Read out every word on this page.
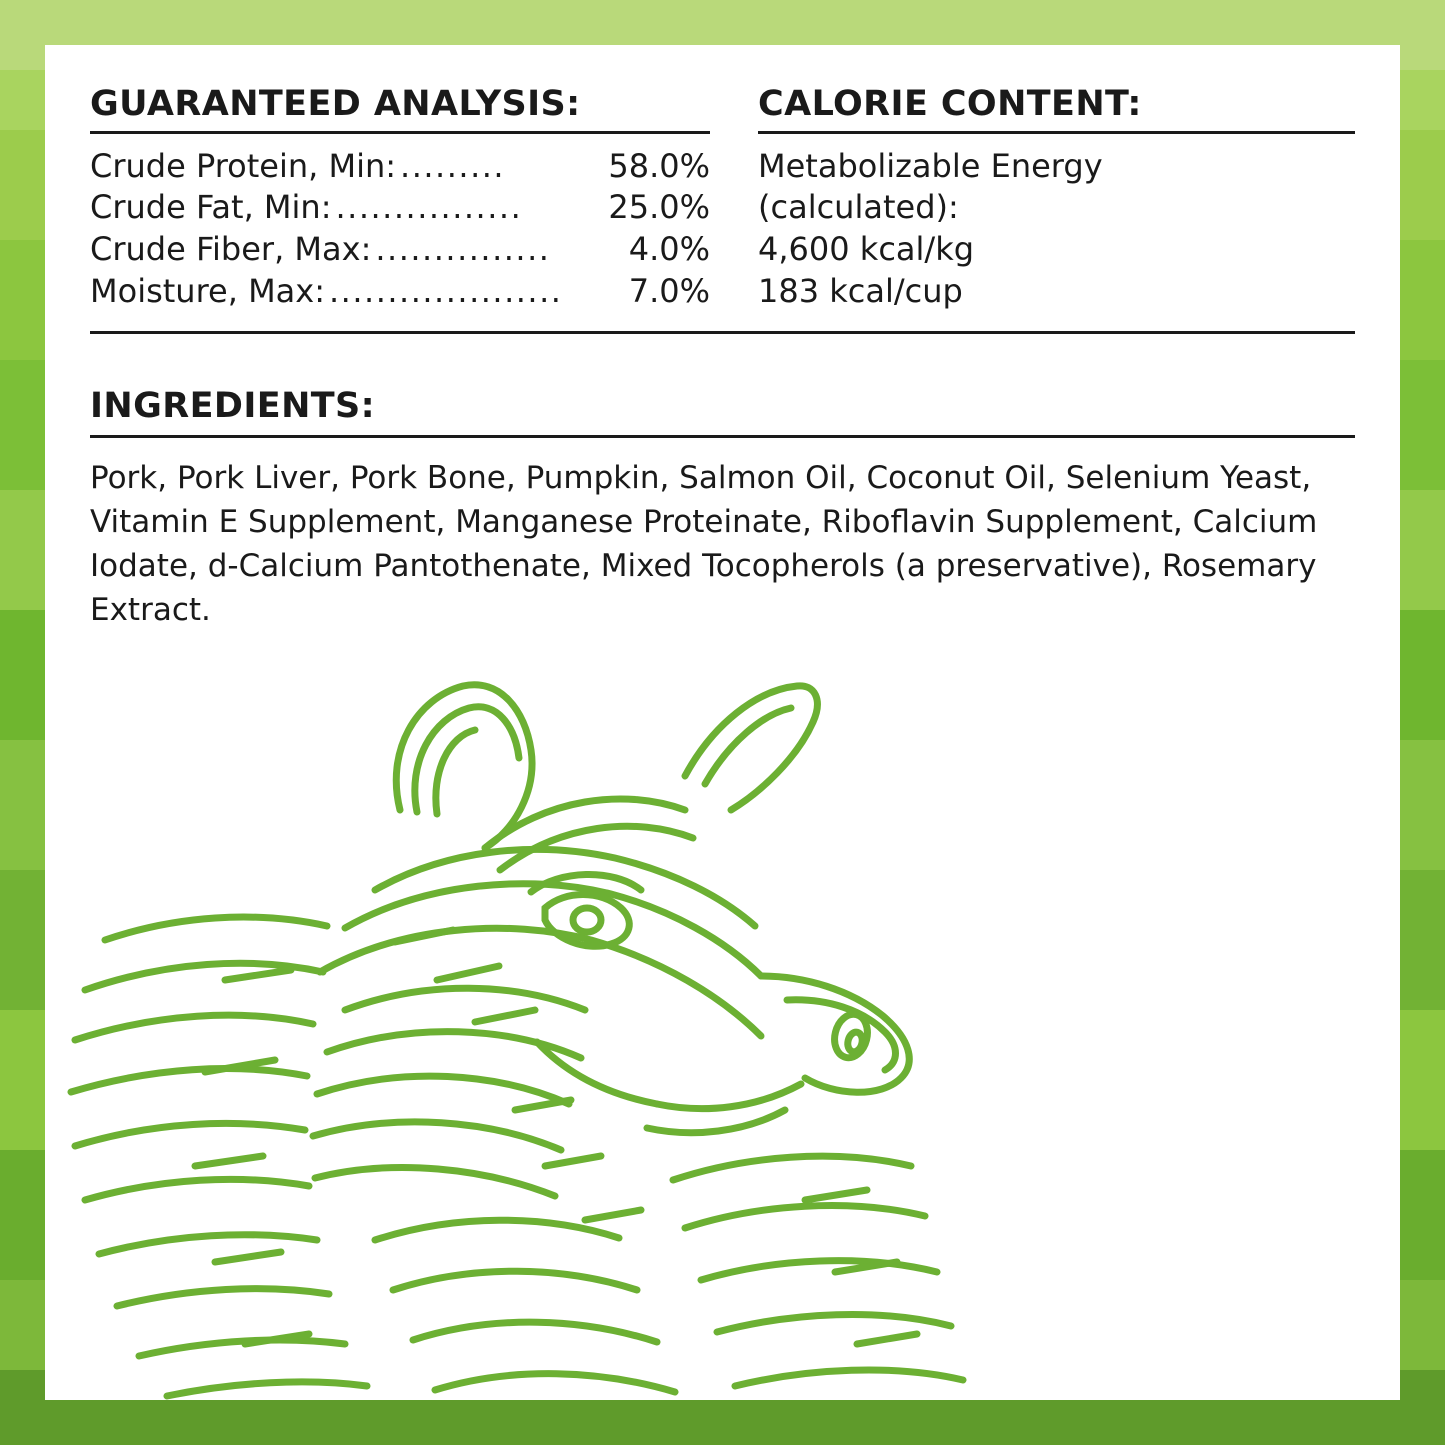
GUARANTEED ANALYSIS:
Crude Protein, Min: .........	58.0%
Crude Fat, Min: ................	25.0%
Crude Fiber, Max: ...............	4.0%
Moisture, Max: ....................	7.0%
CALORIE CONTENT:
Metabolizable Energy
(calculated):
4,600 kcal/kg
183 kcal/cup
INGREDIENTS:
Pork, Pork Liver, Pork Bone, Pumpkin, Salmon Oil, Coconut Oil, Selenium Yeast, Vitamin E Supplement, Manganese Proteinate, Riboflavin Supplement, Calcium Iodate, d-Calcium Pantothenate, Mixed Tocopherols (a preservative), Rosemary Extract.
